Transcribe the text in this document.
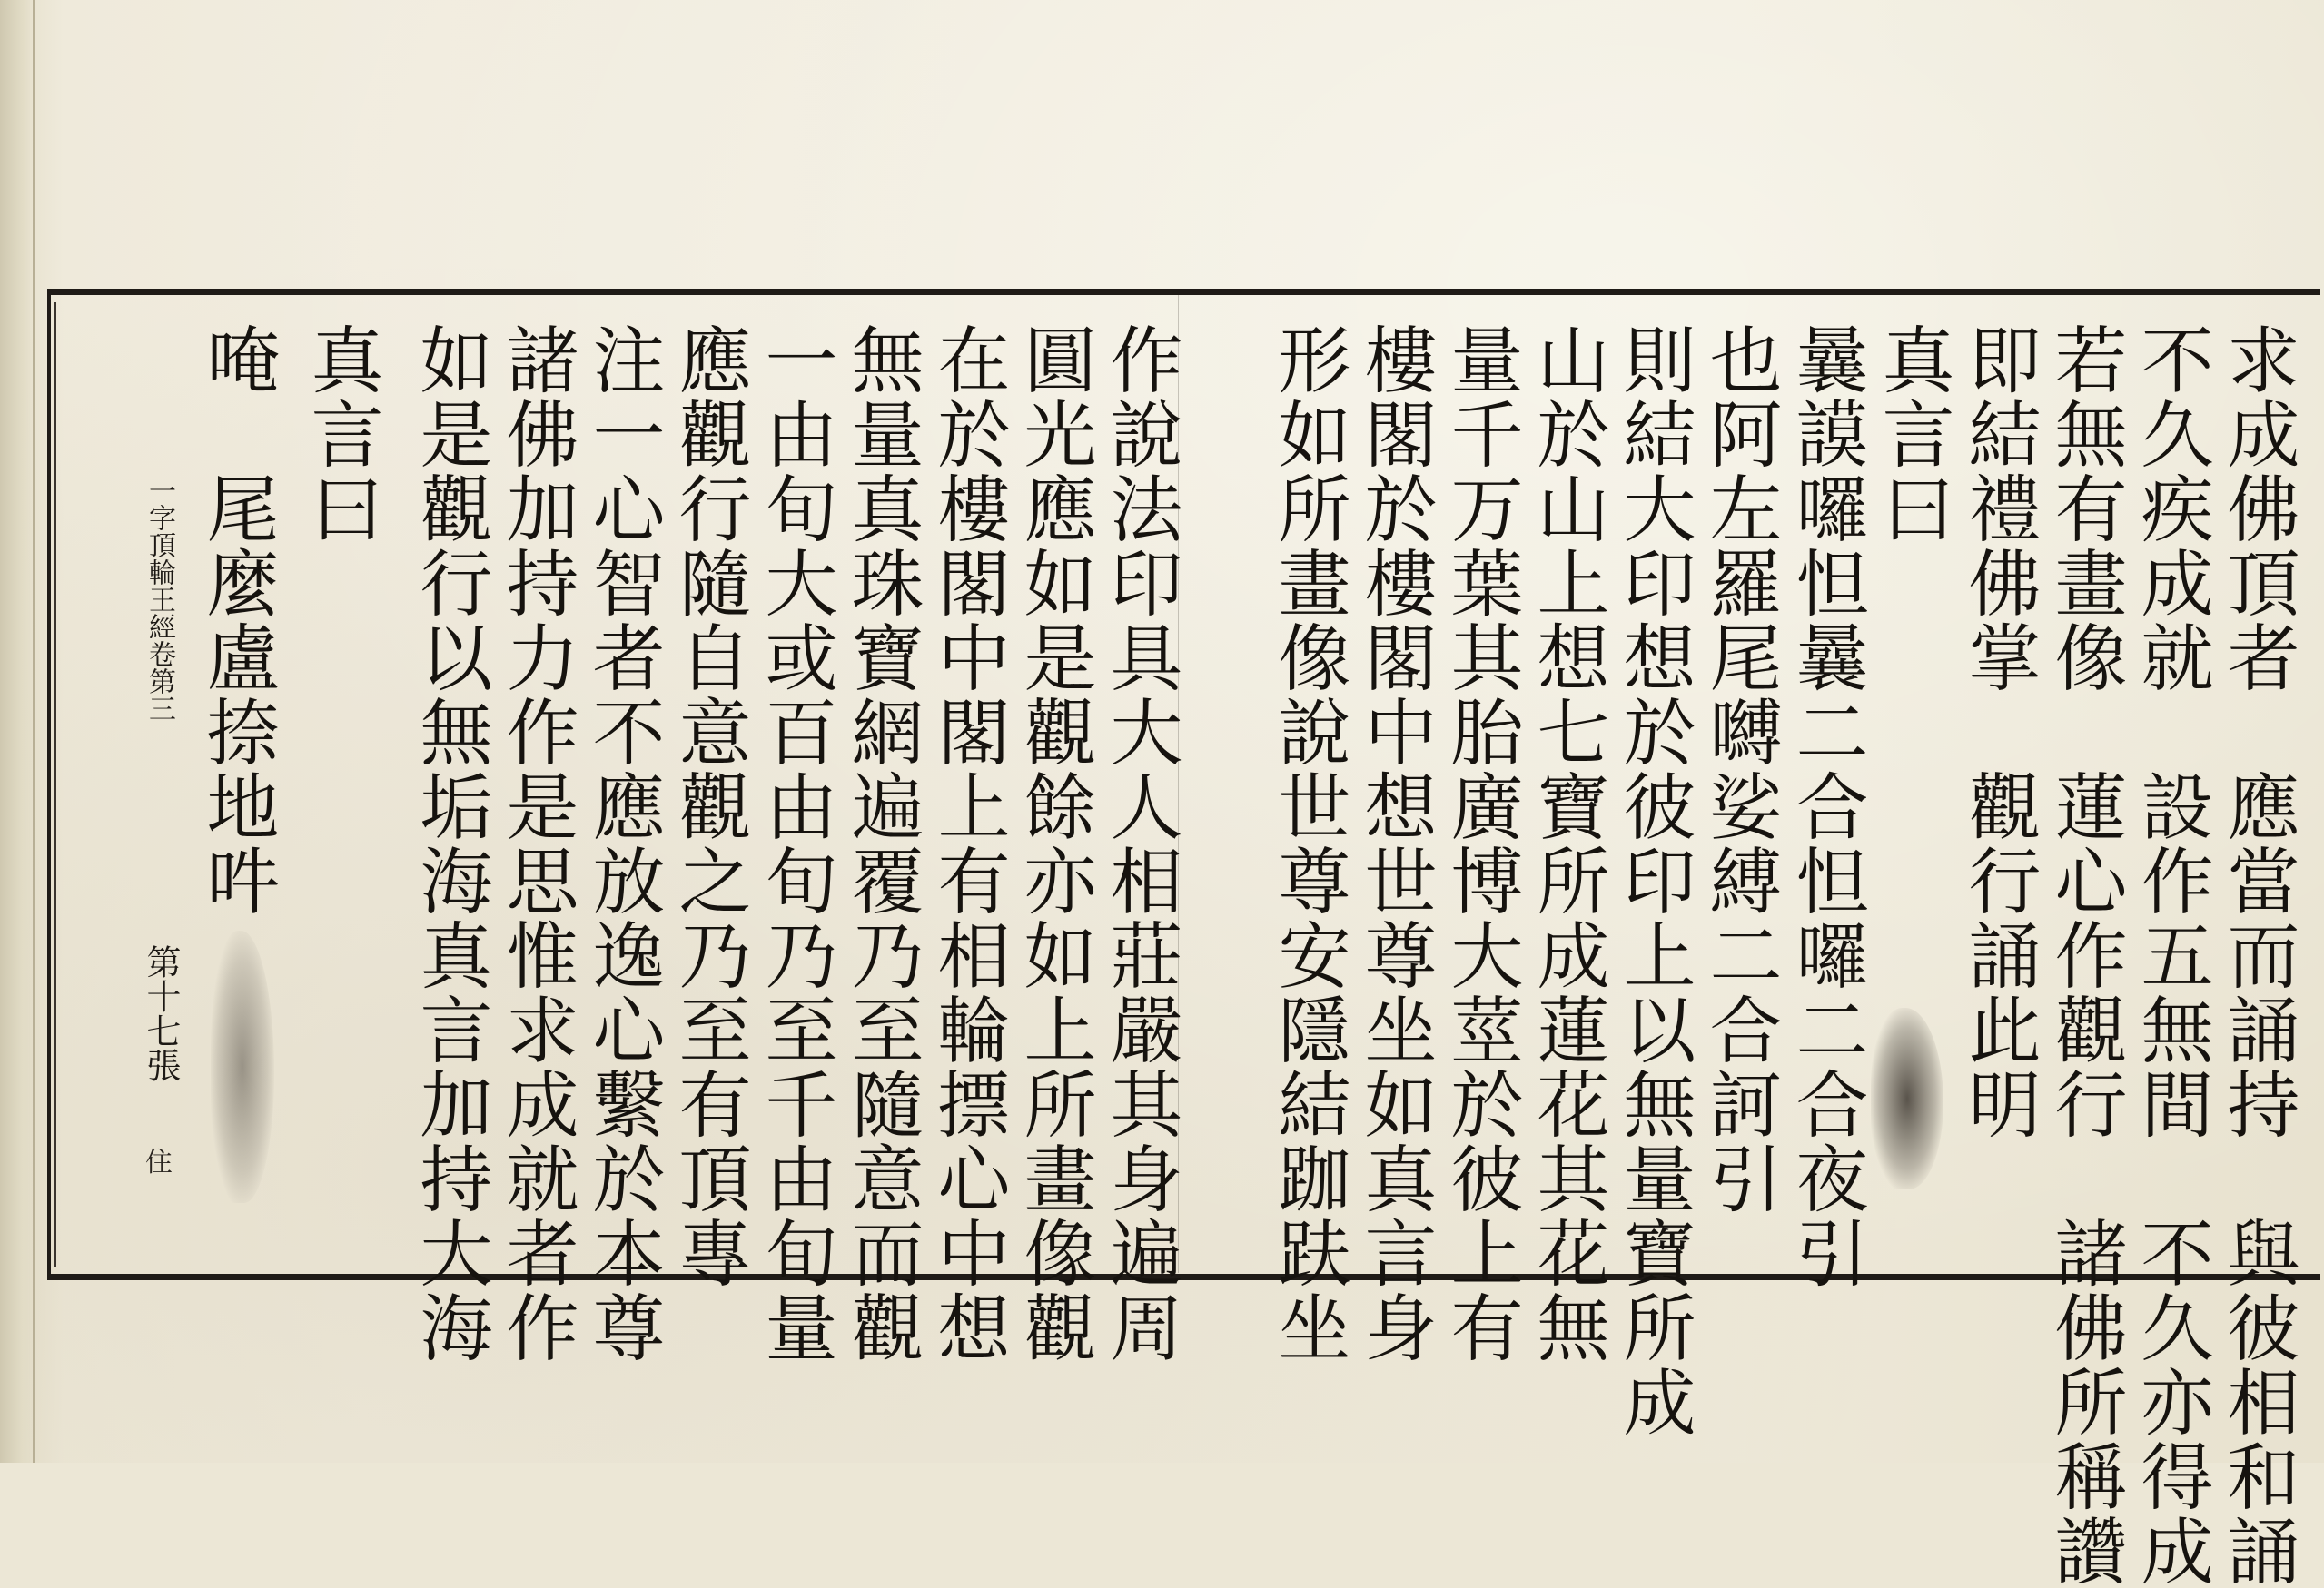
求成佛頂者　應當而誦持　與彼相和誦
不久疾成就　設作五無間　不久亦得成
若無有畫像　蓮心作觀行　諸佛所稱讚
即結禮佛掌　觀行誦此明
真言曰
曩謨囉怛曩二合怛囉二合夜引
也阿左羅尾嚩娑縛二合訶引
則結大印想於彼印上以無量寶所成
山於山上想七寶所成蓮花其花無
量千万葉其胎廣博大莖於彼上有
樓閣於樓閣中想世尊坐如真言身
形如所畫像說世尊安隱結跏趺坐
作說法印具大人相莊嚴其身遍周
圓光應如是觀餘亦如上所畫像觀
在於樓閣中閣上有相輪摽心中想
無量真珠寶網遍覆乃至隨意而觀
一由旬大或百由旬乃至千由旬量
應觀行隨自意觀之乃至有頂專
注一心智者不應放逸心繫於本尊
諸佛加持力作是思惟求成就者作
如是觀行以無垢海真言加持大海
真言曰
唵　尾麼盧捺地吽
一字頂輪王經卷第三
第十七張
住
